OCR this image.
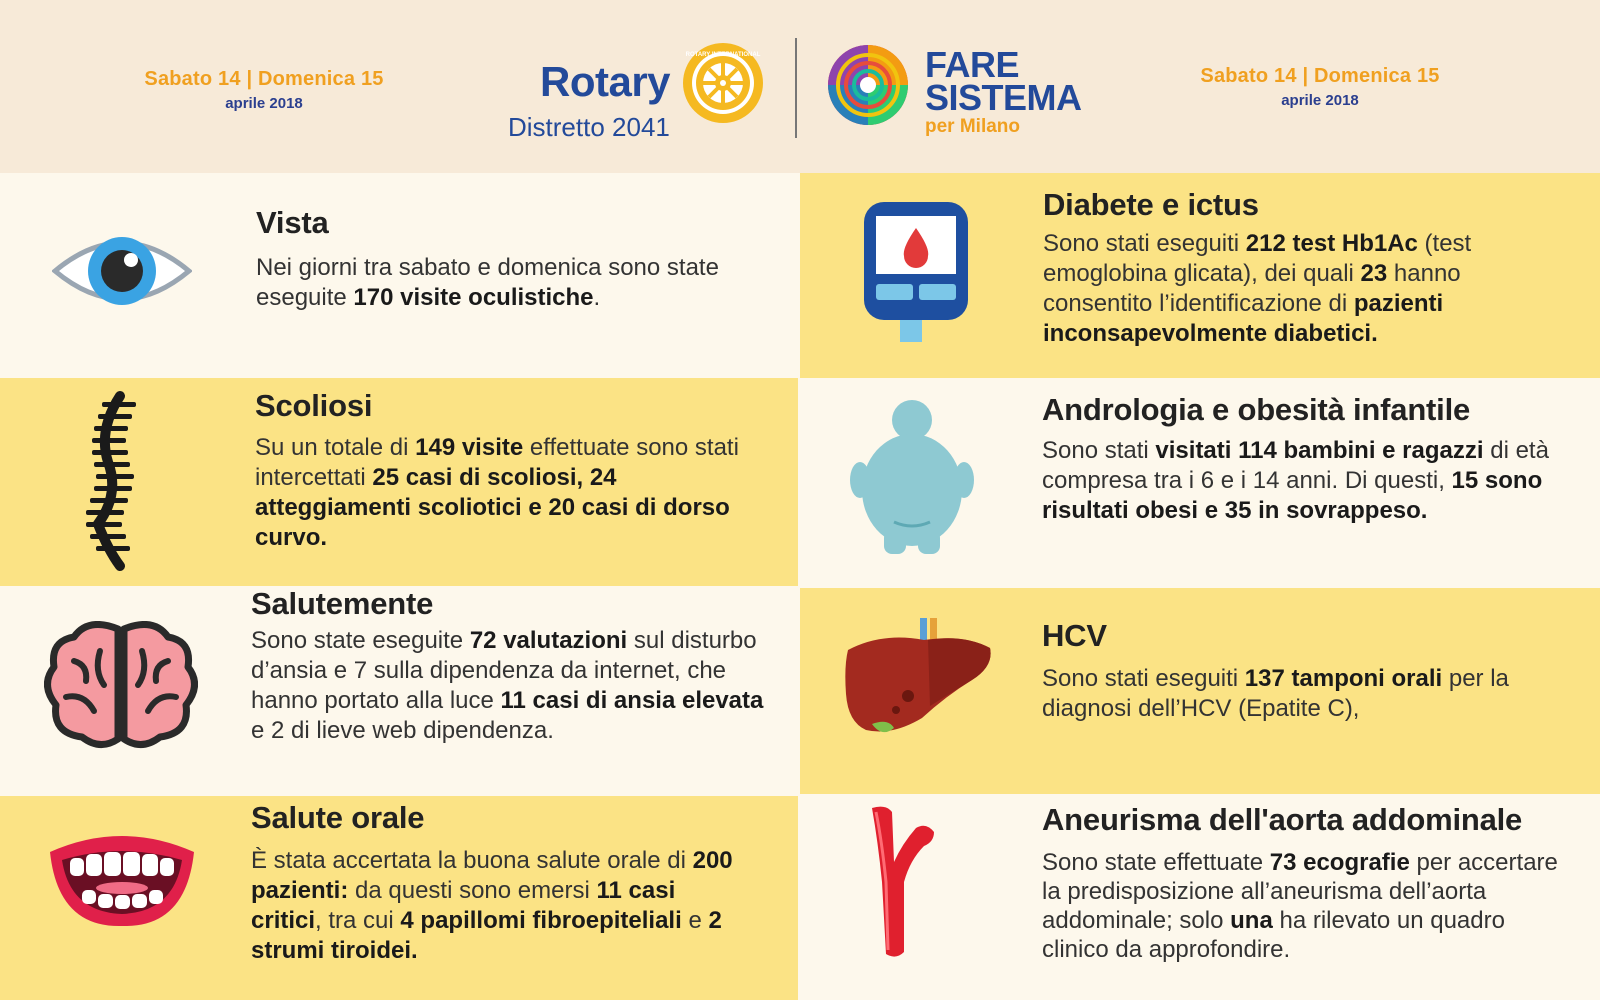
Sabato 14 | Domenica 15
aprile 2018	Rotary
Distretto 2041
ROTARY INTERNATIONAL	FARE
SISTEMA
per Milano
Sabato 14 | Domenica 15
aprile 2018
Vista
Nei giorni tra sabato e domenica sono state eseguite 170 visite oculistiche.
Scoliosi
Su un totale di 149 visite effettuate sono stati intercettati 25 casi di scoliosi, 24 atteggiamenti scoliotici e 20 casi di dorso curvo.
Salutemente
Sono state eseguite 72 valutazioni sul disturbo d’ansia e 7 sulla dipendenza da internet, che hanno portato alla luce 11 casi di ansia elevata e 2 di lieve web dipendenza.
Salute orale
È stata accertata la buona salute orale di 200 pazienti: da questi sono emersi 11 casi critici, tra cui 4 papillomi fibroepiteliali e 2 strumi tiroidei.
Diabete e ictus
Sono stati eseguiti 212 test Hb1Ac (test emoglobina glicata), dei quali 23 hanno consentito l’identificazione di pazienti inconsapevolmente diabetici.
Andrologia e obesità infantile
Sono stati visitati 114 bambini e ragazzi di età compresa tra i 6 e i 14 anni. Di questi, 15 sono risultati obesi e 35 in sovrappeso.
HCV
Sono stati eseguiti 137 tamponi orali per la diagnosi dell’HCV (Epatite C),
Aneurisma dell'aorta addominale
Sono state effettuate 73 ecografie per accertare la predisposizione all’aneurisma dell’aorta addominale; solo una ha rilevato un quadro clinico da approfondire.
